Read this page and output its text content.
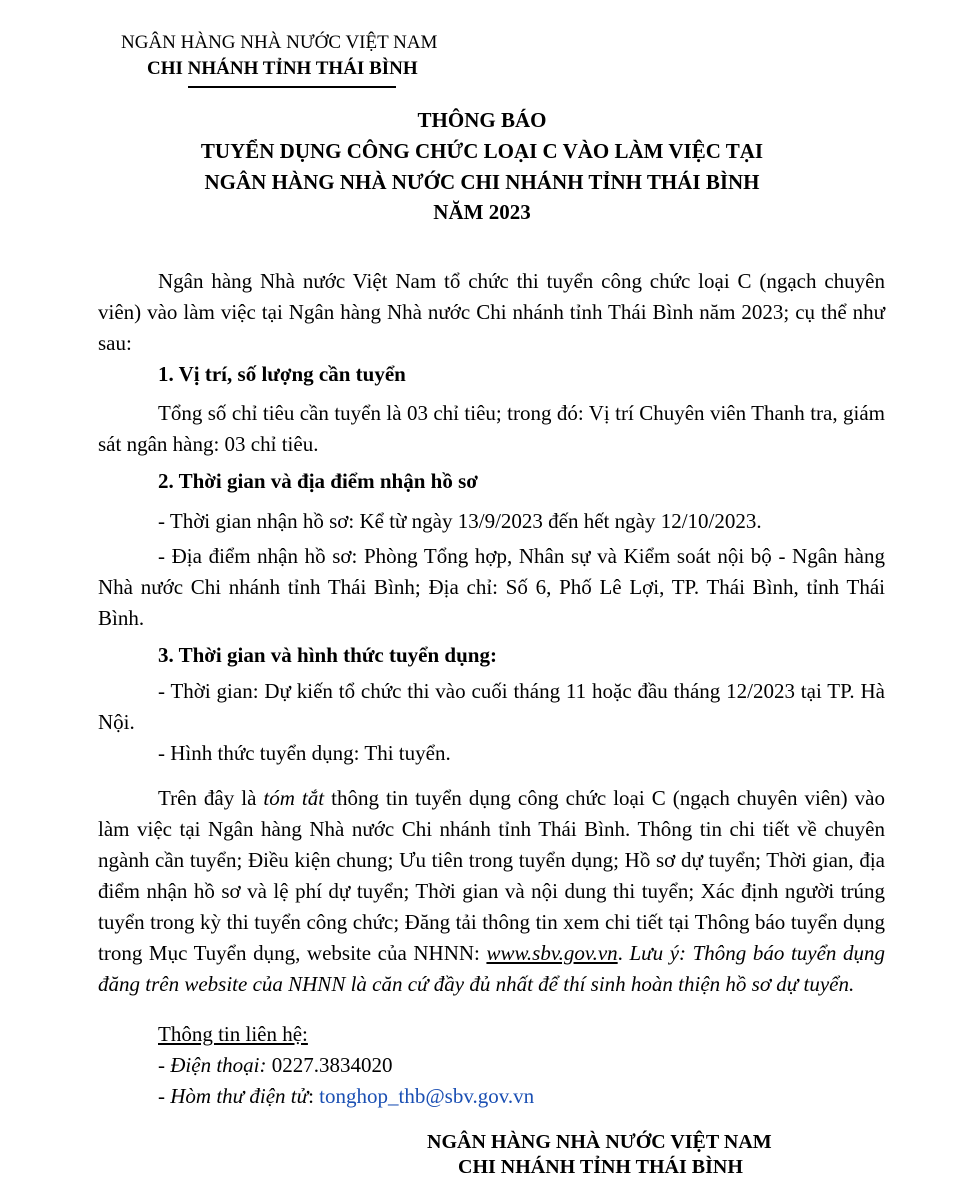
NGÂN HÀNG NHÀ NƯỚC VIỆT NAM
CHI NHÁNH TỈNH THÁI BÌNH
THÔNG BÁO
TUYỂN DỤNG CÔNG CHỨC LOẠI C VÀO LÀM VIỆC TẠI
NGÂN HÀNG NHÀ NƯỚC CHI NHÁNH TỈNH THÁI BÌNH
NĂM 2023
Ngân hàng Nhà nước Việt Nam tổ chức thi tuyển công chức loại C (ngạch chuyên viên) vào làm việc tại Ngân hàng Nhà nước Chi nhánh tỉnh Thái Bình năm 2023; cụ thể như sau:
1. Vị trí, số lượng cần tuyển
Tổng số chỉ tiêu cần tuyển là 03 chỉ tiêu; trong đó: Vị trí Chuyên viên Thanh tra, giám sát ngân hàng: 03 chỉ tiêu.
2. Thời gian và địa điểm nhận hồ sơ
- Thời gian nhận hồ sơ: Kể từ ngày 13/9/2023 đến hết ngày 12/10/2023.
- Địa điểm nhận hồ sơ: Phòng Tổng hợp, Nhân sự và Kiểm soát nội bộ - Ngân hàng Nhà nước Chi nhánh tỉnh Thái Bình; Địa chỉ: Số 6, Phố Lê Lợi, TP. Thái Bình, tỉnh Thái Bình.
3. Thời gian và hình thức tuyển dụng:
- Thời gian: Dự kiến tổ chức thi vào cuối tháng 11 hoặc đầu tháng 12/2023 tại TP. Hà Nội.
- Hình thức tuyển dụng: Thi tuyển.
Trên đây là tóm tắt thông tin tuyển dụng công chức loại C (ngạch chuyên viên) vào làm việc tại Ngân hàng Nhà nước Chi nhánh tỉnh Thái Bình. Thông tin chi tiết về chuyên ngành cần tuyển; Điều kiện chung; Ưu tiên trong tuyển dụng; Hồ sơ dự tuyển; Thời gian, địa điểm nhận hồ sơ và lệ phí dự tuyển; Thời gian và nội dung thi tuyển; Xác định người trúng tuyển trong kỳ thi tuyển công chức; Đăng tải thông tin xem chi tiết tại Thông báo tuyển dụng trong Mục Tuyển dụng, website của NHNN: www.sbv.gov.vn. Lưu ý: Thông báo tuyển dụng đăng trên website của NHNN là căn cứ đầy đủ nhất để thí sinh hoàn thiện hồ sơ dự tuyển.
Thông tin liên hệ:
- Điện thoại: 0227.3834020
- Hòm thư điện tử: tonghop_thb@sbv.gov.vn
NGÂN HÀNG NHÀ NƯỚC VIỆT NAM
CHI NHÁNH TỈNH THÁI BÌNH
